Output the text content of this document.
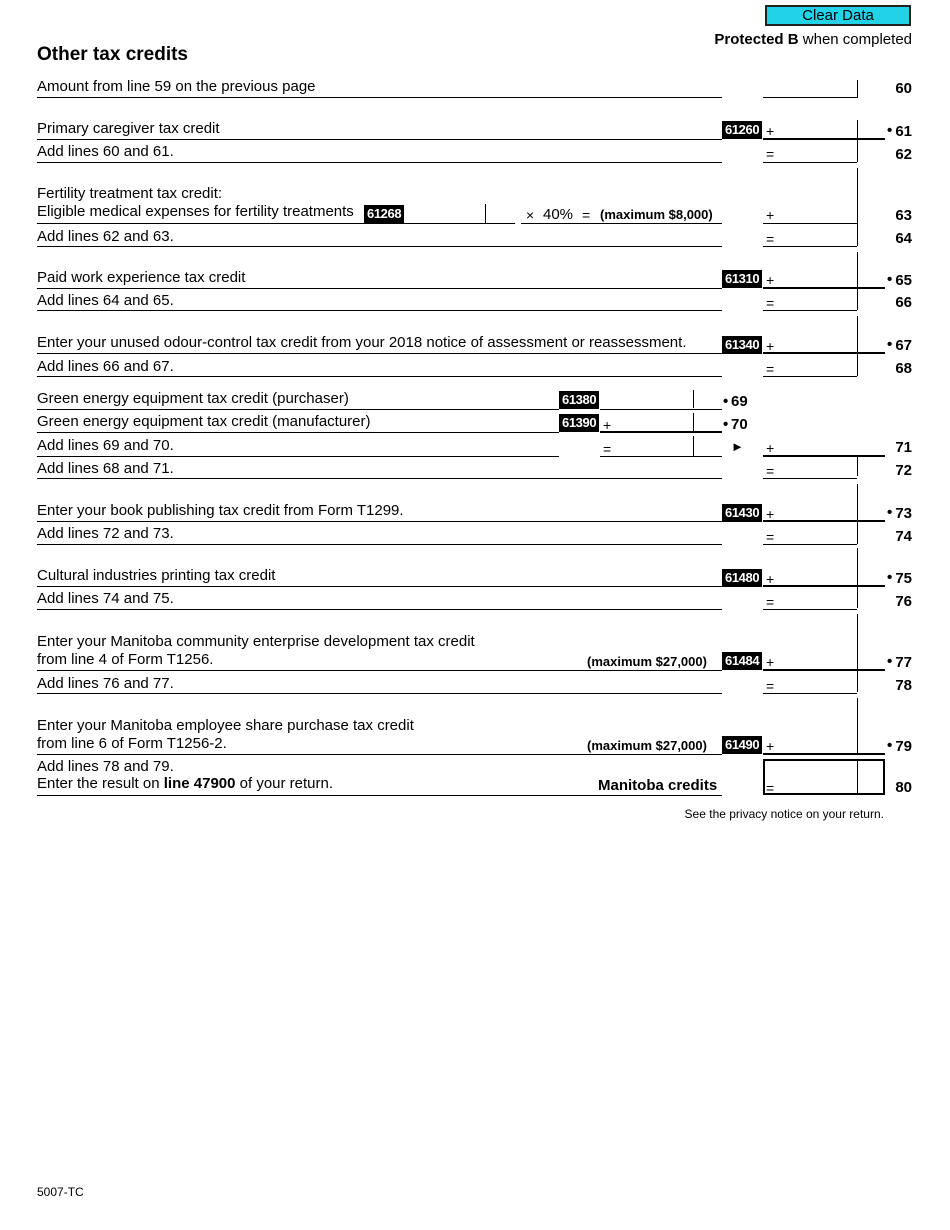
Clear Data
Protected B when completed
Other tax credits
Amount from line 59 on the previous page	60
Primary caregiver tax credit	61260 +	• 61
Add lines 60 and 61.	=	62
Fertility treatment tax credit:
Eligible medical expenses for fertility treatments 61268	× 40% = (maximum $8,000)	+	63
Add lines 62 and 63.	=	64
Paid work experience tax credit	61310 +	• 65
Add lines 64 and 65.	=	66
Enter your unused odour-control tax credit from your 2018 notice of assessment or reassessment.	61340 +	• 67
Add lines 66 and 67.	=	68
Green energy equipment tax credit (purchaser)	61380	• 69
Green energy equipment tax credit (manufacturer)	61390 +	• 70
Add lines 69 and 70.	=	► +	71
Add lines 68 and 71.	=	72
Enter your book publishing tax credit from Form T1299.	61430 +	• 73
Add lines 72 and 73.	=	74
Cultural industries printing tax credit	61480 +	• 75
Add lines 74 and 75.	=	76
Enter your Manitoba community enterprise development tax credit
from line 4 of Form T1256.	(maximum $27,000) 61484 +	• 77
Add lines 76 and 77.	=	78
Enter your Manitoba employee share purchase tax credit
from line 6 of Form T1256-2.	(maximum $27,000) 61490 +	• 79
Add lines 78 and 79.
Enter the result on line 47900 of your return.	Manitoba credits	=	80
See the privacy notice on your return.
5007-TC
